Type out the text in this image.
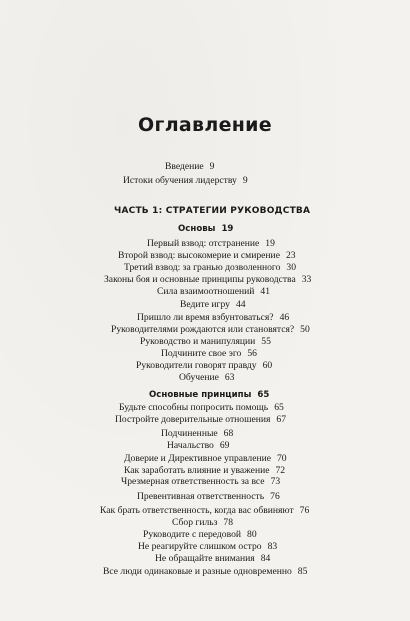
Оглавление
Введение 9
Истоки обучения лидерству 9
ЧАСТЬ 1: СТРАТЕГИИ РУКОВОДСТВА
Основы 19
Первый взвод: отстранение 19
Второй взвод: высокомерие и смирение 23
Третий взвод: за гранью дозволенного 30
Законы боя и основные принципы руководства 33
Сила взаимоотношений 41
Ведите игру 44
Пришло ли время взбунтоваться? 46
Руководителями рождаются или становятся? 50
Руководство и манипуляции 55
Подчините свое эго 56
Руководители говорят правду 60
Обучение 63
Основные принципы 65
Будьте способны попросить помощь 65
Постройте доверительные отношения 67
Подчиненные 68
Начальство 69
Доверие и Директивное управление 70
Как заработать влияние и уважение 72
Чрезмерная ответственность за все 73
Превентивная ответственность 76
Как брать ответственность, когда вас обвиняют 76
Сбор гильз 78
Руководите с передовой 80
Не реагируйте слишком остро 83
Не обращайте внимания 84
Все люди одинаковые и разные одновременно 85
